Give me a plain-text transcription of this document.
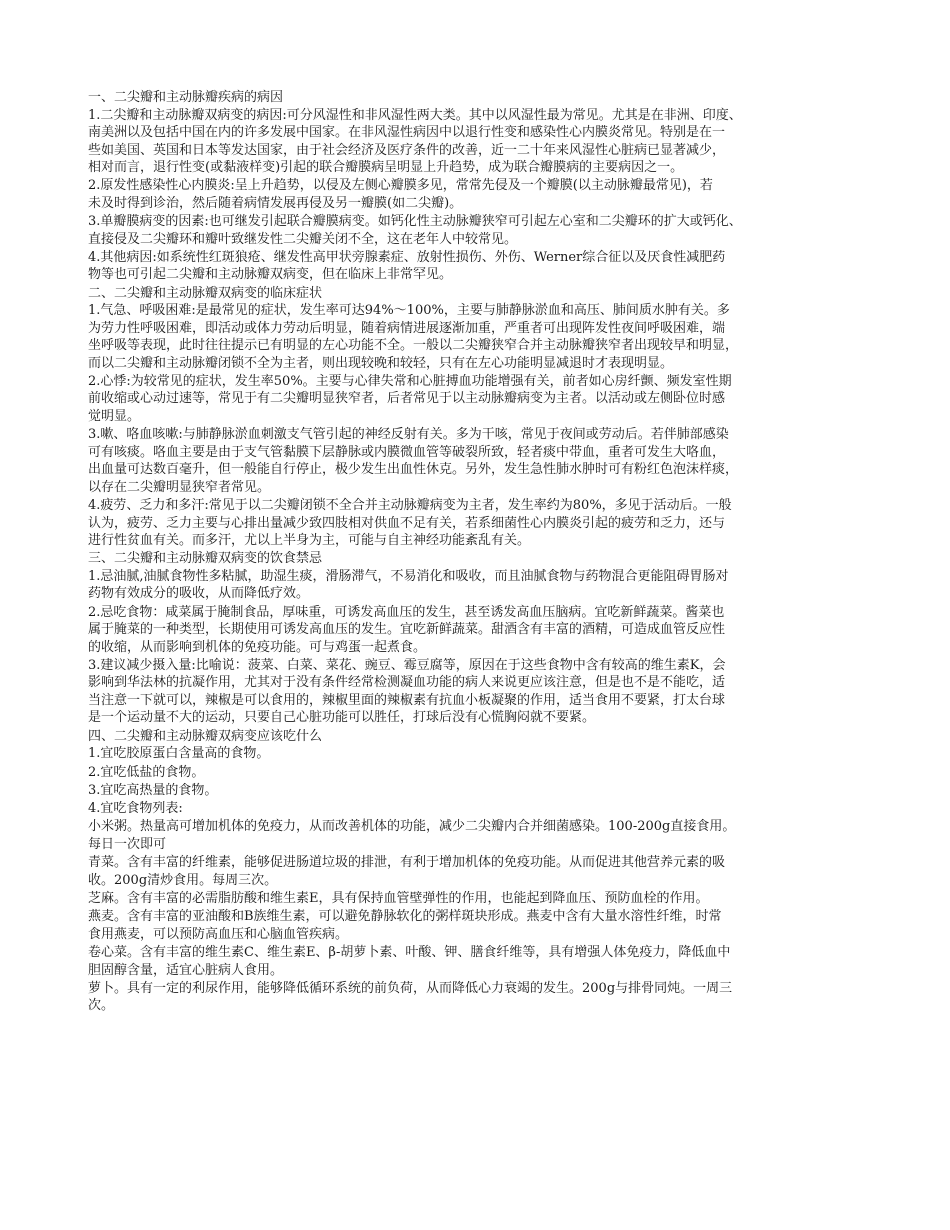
一、二尖瓣和主动脉瓣疾病的病因
1.二尖瓣和主动脉瓣双病变的病因:可分风湿性和非风湿性两大类。其中以风湿性最为常见。尤其是在非洲、印度、
南美洲以及包括中国在内的许多发展中国家。在非风湿性病因中以退行性变和感染性心内膜炎常见。特别是在一
些如美国、英国和日本等发达国家，由于社会经济及医疗条件的改善，近一二十年来风湿性心脏病已显著减少，
相对而言，退行性变(或黏液样变)引起的联合瓣膜病呈明显上升趋势，成为联合瓣膜病的主要病因之一。
2.原发性感染性心内膜炎:呈上升趋势，以侵及左侧心瓣膜多见，常常先侵及一个瓣膜(以主动脉瓣最常见)，若
未及时得到诊治，然后随着病情发展再侵及另一瓣膜(如二尖瓣)。
3.单瓣膜病变的因素:也可继发引起联合瓣膜病变。如钙化性主动脉瓣狭窄可引起左心室和二尖瓣环的扩大或钙化、
直接侵及二尖瓣环和瓣叶致继发性二尖瓣关闭不全，这在老年人中较常见。
4.其他病因:如系统性红斑狼疮、继发性高甲状旁腺素症、放射性损伤、外伤、Werner综合征以及厌食性减肥药
物等也可引起二尖瓣和主动脉瓣双病变，但在临床上非常罕见。
二、二尖瓣和主动脉瓣双病变的临床症状
1.气急、呼吸困难:是最常见的症状，发生率可达94%～100%，主要与肺静脉淤血和高压、肺间质水肿有关。多
为劳力性呼吸困难，即活动或体力劳动后明显，随着病情进展逐渐加重，严重者可出现阵发性夜间呼吸困难，端
坐呼吸等表现，此时往往提示已有明显的左心功能不全。一般以二尖瓣狭窄合并主动脉瓣狭窄者出现较早和明显，
而以二尖瓣和主动脉瓣闭锁不全为主者，则出现较晚和较轻，只有在左心功能明显减退时才表现明显。
2.心悸:为较常见的症状，发生率50%。主要与心律失常和心脏搏血功能增强有关，前者如心房纤颤、频发室性期
前收缩或心动过速等，常见于有二尖瓣明显狭窄者，后者常见于以主动脉瓣病变为主者。以活动或左侧卧位时感
觉明显。
3.嗽、咯血咳嗽:与肺静脉淤血刺激支气管引起的神经反射有关。多为干咳，常见于夜间或劳动后。若伴肺部感染
可有咳痰。咯血主要是由于支气管黏膜下层静脉或内膜微血管等破裂所致，轻者痰中带血，重者可发生大咯血，
出血量可达数百毫升，但一般能自行停止，极少发生出血性休克。另外，发生急性肺水肿时可有粉红色泡沫样痰，
以存在二尖瓣明显狭窄者常见。
4.疲劳、乏力和多汗:常见于以二尖瓣闭锁不全合并主动脉瓣病变为主者，发生率约为80%，多见于活动后。一般
认为，疲劳、乏力主要与心排出量减少致四肢相对供血不足有关，若系细菌性心内膜炎引起的疲劳和乏力，还与
进行性贫血有关。而多汗，尤以上半身为主，可能与自主神经功能紊乱有关。
三、二尖瓣和主动脉瓣双病变的饮食禁忌
1.忌油腻,油腻食物性多粘腻，助湿生痰，滑肠滞气，不易消化和吸收，而且油腻食物与药物混合更能阻碍胃肠对
药物有效成分的吸收，从而降低疗效。
2.忌吃食物：咸菜属于腌制食品，厚味重，可诱发高血压的发生，甚至诱发高血压脑病。宜吃新鲜蔬菜。酱菜也
属于腌菜的一种类型，长期使用可诱发高血压的发生。宜吃新鲜蔬菜。甜酒含有丰富的酒精，可造成血管反应性
的收缩，从而影响到机体的免疫功能。可与鸡蛋一起煮食。
3.建议减少摄入量:比喻说：菠菜、白菜、菜花、豌豆、霉豆腐等，原因在于这些食物中含有较高的维生素K，会
影响到华法林的抗凝作用，尤其对于没有条件经常检测凝血功能的病人来说更应该注意，但是也不是不能吃，适
当注意一下就可以，辣椒是可以食用的，辣椒里面的辣椒素有抗血小板凝聚的作用，适当食用不要紧，打太台球
是一个运动量不大的运动，只要自己心脏功能可以胜任，打球后没有心慌胸闷就不要紧。
四、二尖瓣和主动脉瓣双病变应该吃什么
1.宜吃胶原蛋白含量高的食物。
2.宜吃低盐的食物。
3.宜吃高热量的食物。
4.宜吃食物列表:
小米粥。热量高可增加机体的免疫力，从而改善机体的功能，减少二尖瓣内合并细菌感染。100-200g直接食用。
每日一次即可
青菜。含有丰富的纤维素，能够促进肠道垃圾的排泄，有利于增加机体的免疫功能。从而促进其他营养元素的吸
收。200g清炒食用。每周三次。
芝麻。含有丰富的必需脂肪酸和维生素E，具有保持血管壁弹性的作用，也能起到降血压、预防血栓的作用。
燕麦。含有丰富的亚油酸和B族维生素，可以避免静脉软化的粥样斑块形成。燕麦中含有大量水溶性纤维，时常
食用燕麦，可以预防高血压和心脑血管疾病。
卷心菜。含有丰富的维生素C、维生素E、β-胡萝卜素、叶酸、钾、膳食纤维等，具有增强人体免疫力，降低血中
胆固醇含量，适宜心脏病人食用。
萝卜。具有一定的利尿作用，能够降低循环系统的前负荷，从而降低心力衰竭的发生。200g与排骨同炖。一周三
次。
